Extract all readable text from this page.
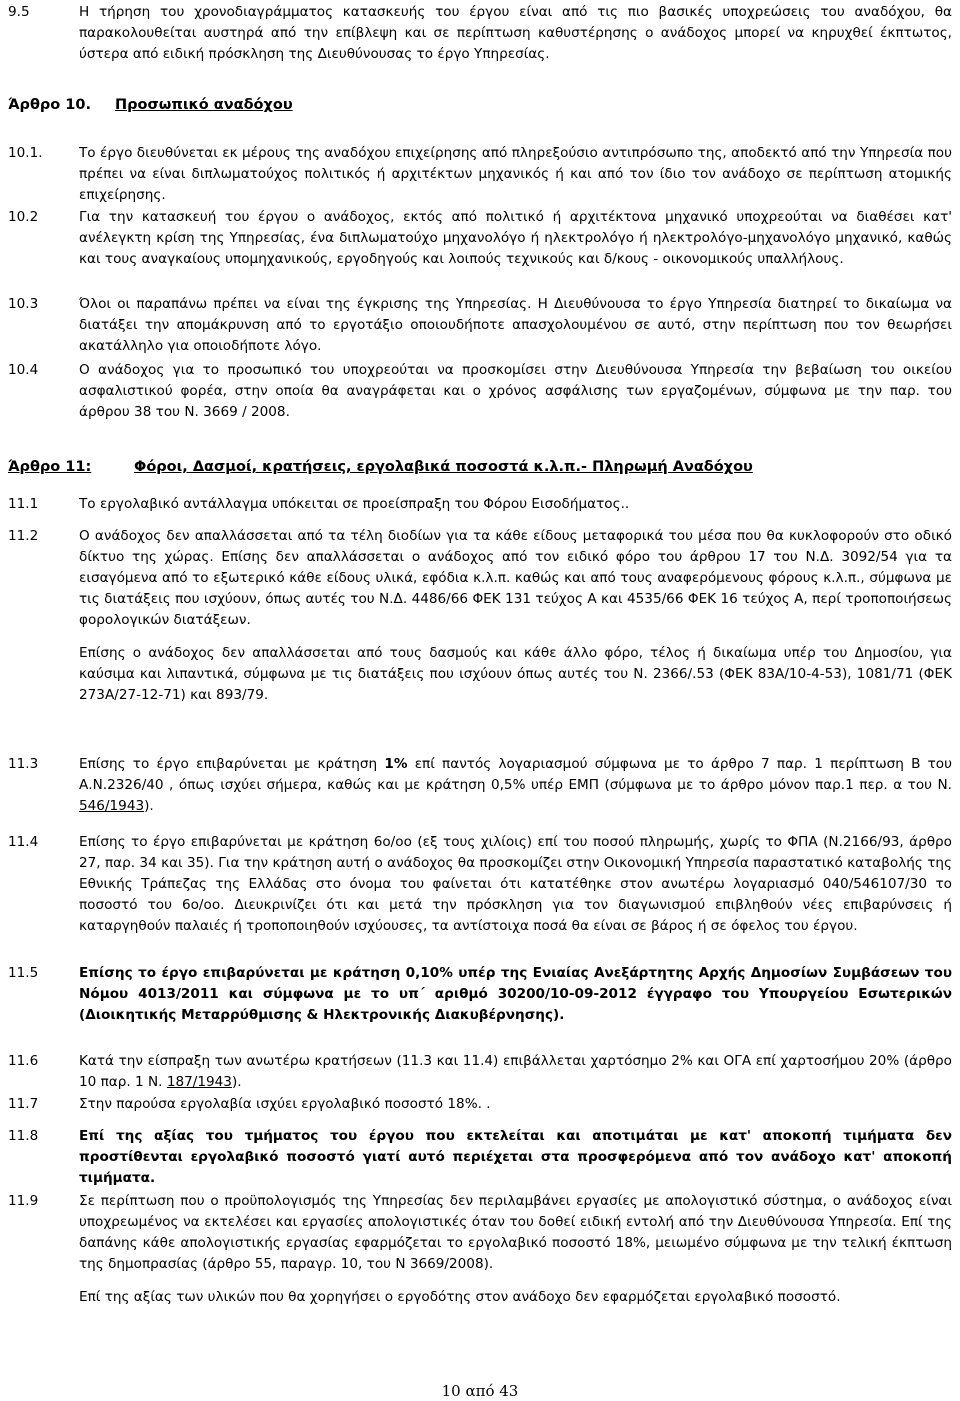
9.5	Η τήρηση του χρονοδιαγράμματος κατασκευής του έργου είναι από τις πιο βασικές υποχρεώσεις του αναδόχου, θα παρακολουθείται αυστηρά από την επίβλεψη και σε περίπτωση καθυστέρησης ο ανάδοχος μπορεί να κηρυχθεί έκπτωτος, ύστερα από ειδική πρόσκληση της Διευθύνουσας το έργο Υπηρεσίας.
Άρθρο 10. Προσωπικό αναδόχου
10.1.	Το έργο διευθύνεται εκ μέρους της αναδόχου επιχείρησης από πληρεξούσιο αντιπρόσωπο της, αποδεκτό από την Υπηρεσία που πρέπει να είναι διπλωματούχος πολιτικός ή αρχιτέκτων μηχανικός ή και από τον ίδιο τον ανάδοχο σε περίπτωση ατομικής επιχείρησης.
10.2	Για την κατασκευή του έργου ο ανάδοχος, εκτός από πολιτικό ή αρχιτέκτονα μηχανικό υποχρεούται να διαθέσει κατ' ανέλεγκτη κρίση της Υπηρεσίας, ένα διπλωματούχο μηχανολόγο ή ηλεκτρολόγο ή ηλεκτρολόγο-μηχανολόγο μηχανικό, καθώς και τους αναγκαίους υπομηχανικούς, εργοδηγούς και λοιπούς τεχνικούς και δ/κους - οικονομικούς υπαλλήλους.
10.3	Όλοι οι παραπάνω πρέπει να είναι της έγκρισης της Υπηρεσίας. Η Διευθύνουσα το έργο Υπηρεσία διατηρεί το δικαίωμα να διατάξει την απομάκρυνση από το εργοτάξιο οποιουδήποτε απασχολουμένου σε αυτό, στην περίπτωση που τον θεωρήσει ακατάλληλο για οποιοδήποτε λόγο.
10.4	Ο ανάδοχος για το προσωπικό του υποχρεούται να προσκομίσει στην Διευθύνουσα Υπηρεσία την βεβαίωση του οικείου ασφαλιστικού φορέα, στην οποία θα αναγράφεται και ο χρόνος ασφάλισης των εργαζομένων, σύμφωνα με την παρ. του άρθρου 38 του Ν. 3669 / 2008.
Άρθρο 11:	Φόροι, Δασμοί, κρατήσεις, εργολαβικά ποσοστά κ.λ.π.- Πληρωμή Αναδόχου
11.1	Το εργολαβικό αντάλλαγμα υπόκειται σε προείσπραξη του Φόρου Εισοδήματος..
11.2	Ο ανάδοχος δεν απαλλάσσεται από τα τέλη διοδίων για τα κάθε είδους μεταφορικά του μέσα που θα κυκλοφορούν στο οδικό δίκτυο της χώρας. Επίσης δεν απαλλάσσεται ο ανάδοχος από τον ειδικό φόρο του άρθρου 17 του Ν.Δ. 3092/54 για τα εισαγόμενα από το εξωτερικό κάθε είδους υλικά, εφόδια κ.λ.π. καθώς και από τους αναφερόμενους φόρους κ.λ.π., σύμφωνα με τις διατάξεις που ισχύουν, όπως αυτές του Ν.Δ. 4486/66 ΦΕΚ 131 τεύχος Α και 4535/66 ΦΕΚ 16 τεύχος Α, περί τροποποιήσεως φορολογικών διατάξεων.

Επίσης ο ανάδοχος δεν απαλλάσσεται από τους δασμούς και κάθε άλλο φόρο, τέλος ή δικαίωμα υπέρ του Δημοσίου, για καύσιμα και λιπαντικά, σύμφωνα με τις διατάξεις που ισχύουν όπως αυτές του Ν. 2366/.53 (ΦΕΚ 83Α/10-4-53), 1081/71 (ΦΕΚ 273Α/27-12-71) και 893/79.

11.3	Επίσης το έργο επιβαρύνεται με κράτηση 1% επί παντός λογαριασμού σύμφωνα με το άρθρο 7 παρ. 1 περίπτωση Β του Α.Ν.2326/40 , όπως ισχύει σήμερα, καθώς και με κράτηση 0,5% υπέρ ΕΜΠ (σύμφωνα με το άρθρο μόνον παρ.1 περ. α του Ν. 546/1943).
11.4	Επίσης το έργο επιβαρύνεται με κράτηση 6ο/οο (εξ τους χιλίοις) επί του ποσού πληρωμής, χωρίς το ΦΠΑ (Ν.2166/93, άρθρο 27, παρ. 34 και 35). Για την κράτηση αυτή ο ανάδοχος θα προσκομίζει στην Οικονομική Υπηρεσία παραστατικό καταβολής της Εθνικής Τράπεζας της Ελλάδας στο όνομα του φαίνεται ότι κατατέθηκε στον ανωτέρω λογαριασμό 040/546107/30 το ποσοστό του 6ο/οο. Διευκρινίζει ότι και μετά την πρόσκληση για τον διαγωνισμού επιβληθούν νέες επιβαρύνσεις ή καταργηθούν παλαιές ή τροποποιηθούν ισχύουσες, τα αντίστοιχα ποσά θα είναι σε βάρος ή σε όφελος του έργου.
11.5	Επίσης το έργο επιβαρύνεται με κράτηση 0,10% υπέρ της Ενιαίας Ανεξάρτητης Αρχής Δημοσίων Συμβάσεων του Νόμου 4013/2011 και σύμφωνα με το υπ΄ αριθμό 30200/10-09-2012 έγγραφο του Υπουργείου Εσωτερικών (Διοικητικής Μεταρρύθμισης & Ηλεκτρονικής Διακυβέρνησης).
11.6	Κατά την είσπραξη των ανωτέρω κρατήσεων (11.3 και 11.4) επιβάλλεται χαρτόσημο 2% και ΟΓΑ επί χαρτοσήμου 20% (άρθρο 10 παρ. 1 Ν. 187/1943).
11.7	Στην παρούσα εργολαβία ισχύει εργολαβικό ποσοστό 18%. .
11.8	Επί της αξίας του τμήματος του έργου που εκτελείται και αποτιμάται με κατ' αποκοπή τιμήματα δεν προστίθενται εργολαβικό ποσοστό γιατί αυτό περιέχεται στα προσφερόμενα από τον ανάδοχο κατ' αποκοπή τιμήματα.
11.9	Σε περίπτωση που ο προϋπολογισμός της Υπηρεσίας δεν περιλαμβάνει εργασίες με απολογιστικό σύστημα, ο ανάδοχος είναι υποχρεωμένος να εκτελέσει και εργασίες απολογιστικές όταν του δοθεί ειδική εντολή από την Διευθύνουσα Υπηρεσία. Επί της δαπάνης κάθε απολογιστικής εργασίας εφαρμόζεται το εργολαβικό ποσοστό 18%, μειωμένο σύμφωνα με την τελική έκπτωση της δημοπρασίας (άρθρο 55, παραγρ. 10, του Ν 3669/2008).

Επί της αξίας των υλικών που θα χορηγήσει ο εργοδότης στον ανάδοχο δεν εφαρμόζεται εργολαβικό ποσοστό.

10 από 43
